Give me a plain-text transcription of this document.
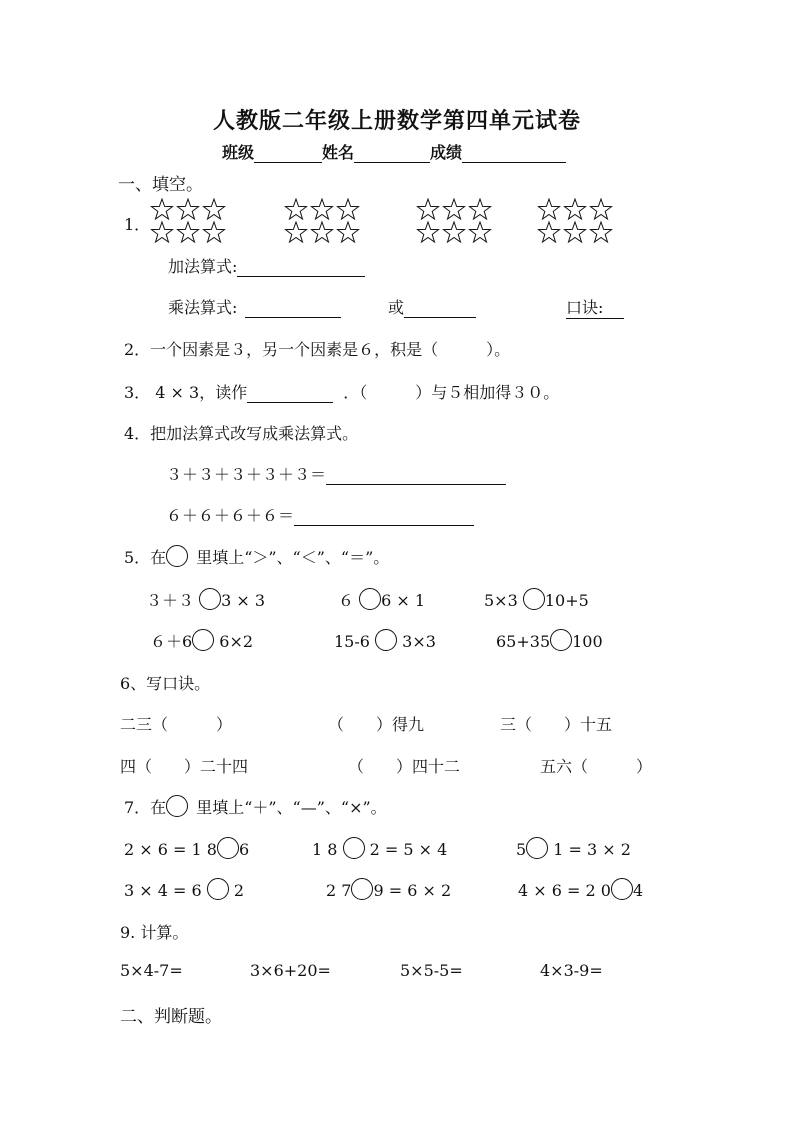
人教版二年级上册数学第四单元试卷
班级	姓名	成绩
一、填空。
1．
加法算式:
乘法算式:	或	口诀:
2．一个因素是３，另一个因素是６，积是（　　　）。
3． 4 × 3，读作	．（　　　）与５相加得３０。
4．把加法算式改写成乘法算式。
３＋３＋３＋３＋３＝
６＋６＋６＋６＝
5．在 里填上“＞”、“＜”、“＝”。
３＋３ 3 × 3	６ 6 × 1	5×3 10+5
６＋6 6×2	15-6 3×3	65+35 100
6、写口诀。
二三（　　　）	（　　）得九	三（　　）十五
四（　　）二十四	（　　）四十二	五六（　　　）
7．在 里填上“＋”、“—”、“×”。
2 × 6 = 1 8 6	1 8 2 = 5 × 4	5 1 = 3 × 2
3 × 4 = 6 2	2 7 9 = 6 × 2	4 × 6 = 2 0 4
9. 计算。
5×4-7=	3×6+20=	5×5-5=	4×3-9=
二、判断题。
